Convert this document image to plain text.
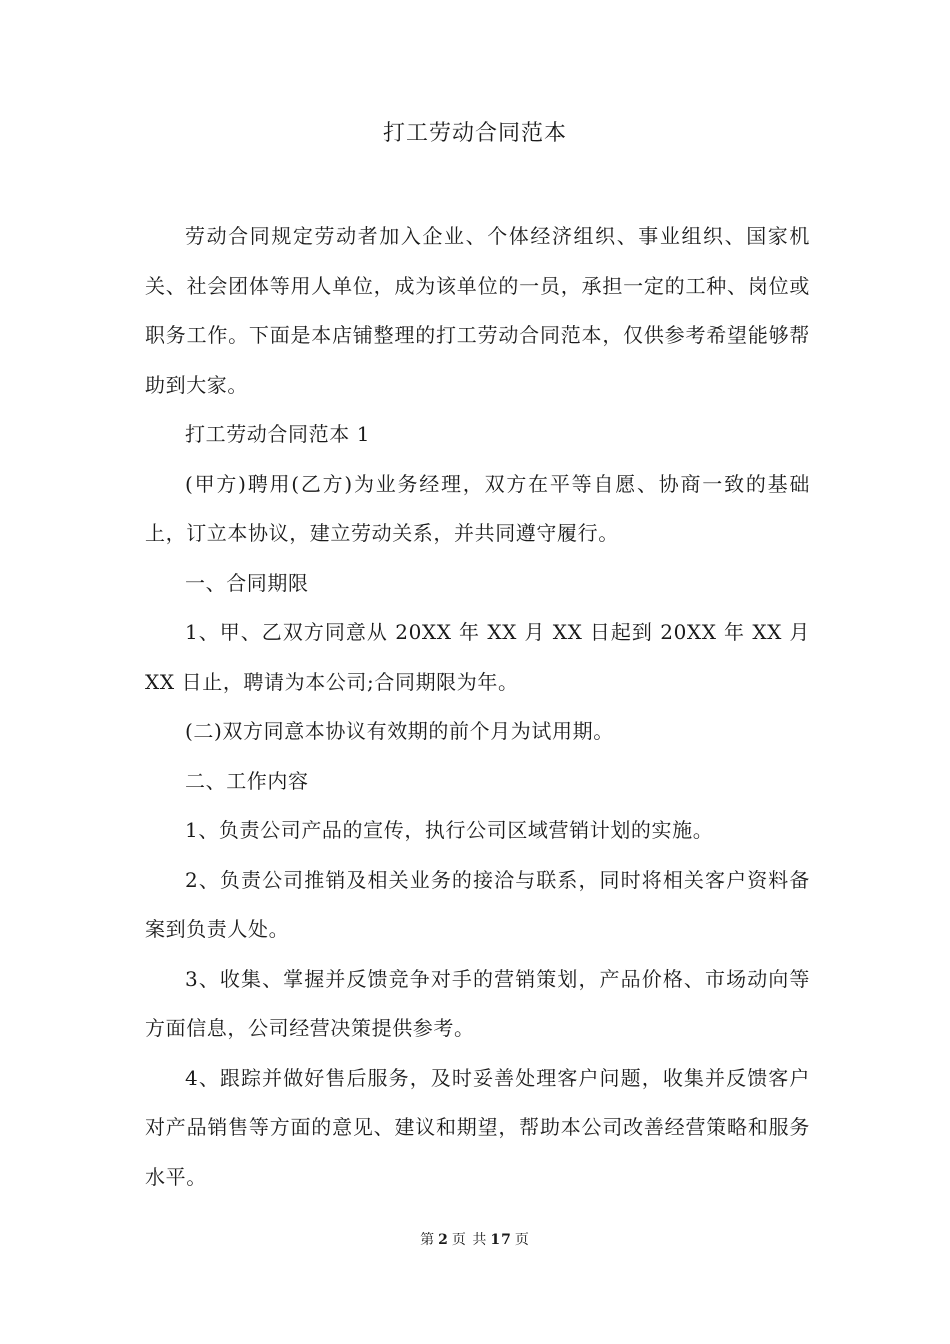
打工劳动合同范本

劳动合同规定劳动者加入企业、个体经济组织、事业组织、国家机关、社会团体等用人单位，成为该单位的一员，承担一定的工种、岗位或职务工作。下面是本店铺整理的打工劳动合同范本，仅供参考希望能够帮助到大家。

打工劳动合同范本 1

(甲方)聘用(乙方)为业务经理，双方在平等自愿、协商一致的基础上，订立本协议，建立劳动关系，并共同遵守履行。

一、合同期限

1、甲、乙双方同意从 20XX 年 XX 月 XX 日起到 20XX 年 XX 月 XX 日止，聘请为本公司;合同期限为年。

(二)双方同意本协议有效期的前个月为试用期。

二、工作内容

1、负责公司产品的宣传，执行公司区域营销计划的实施。

2、负责公司推销及相关业务的接洽与联系，同时将相关客户资料备案到负责人处。

3、收集、掌握并反馈竞争对手的营销策划，产品价格、市场动向等方面信息，公司经营决策提供参考。

4、跟踪并做好售后服务，及时妥善处理客户问题，收集并反馈客户对产品销售等方面的意见、建议和期望，帮助本公司改善经营策略和服务水平。

第 2 页 共 17 页
